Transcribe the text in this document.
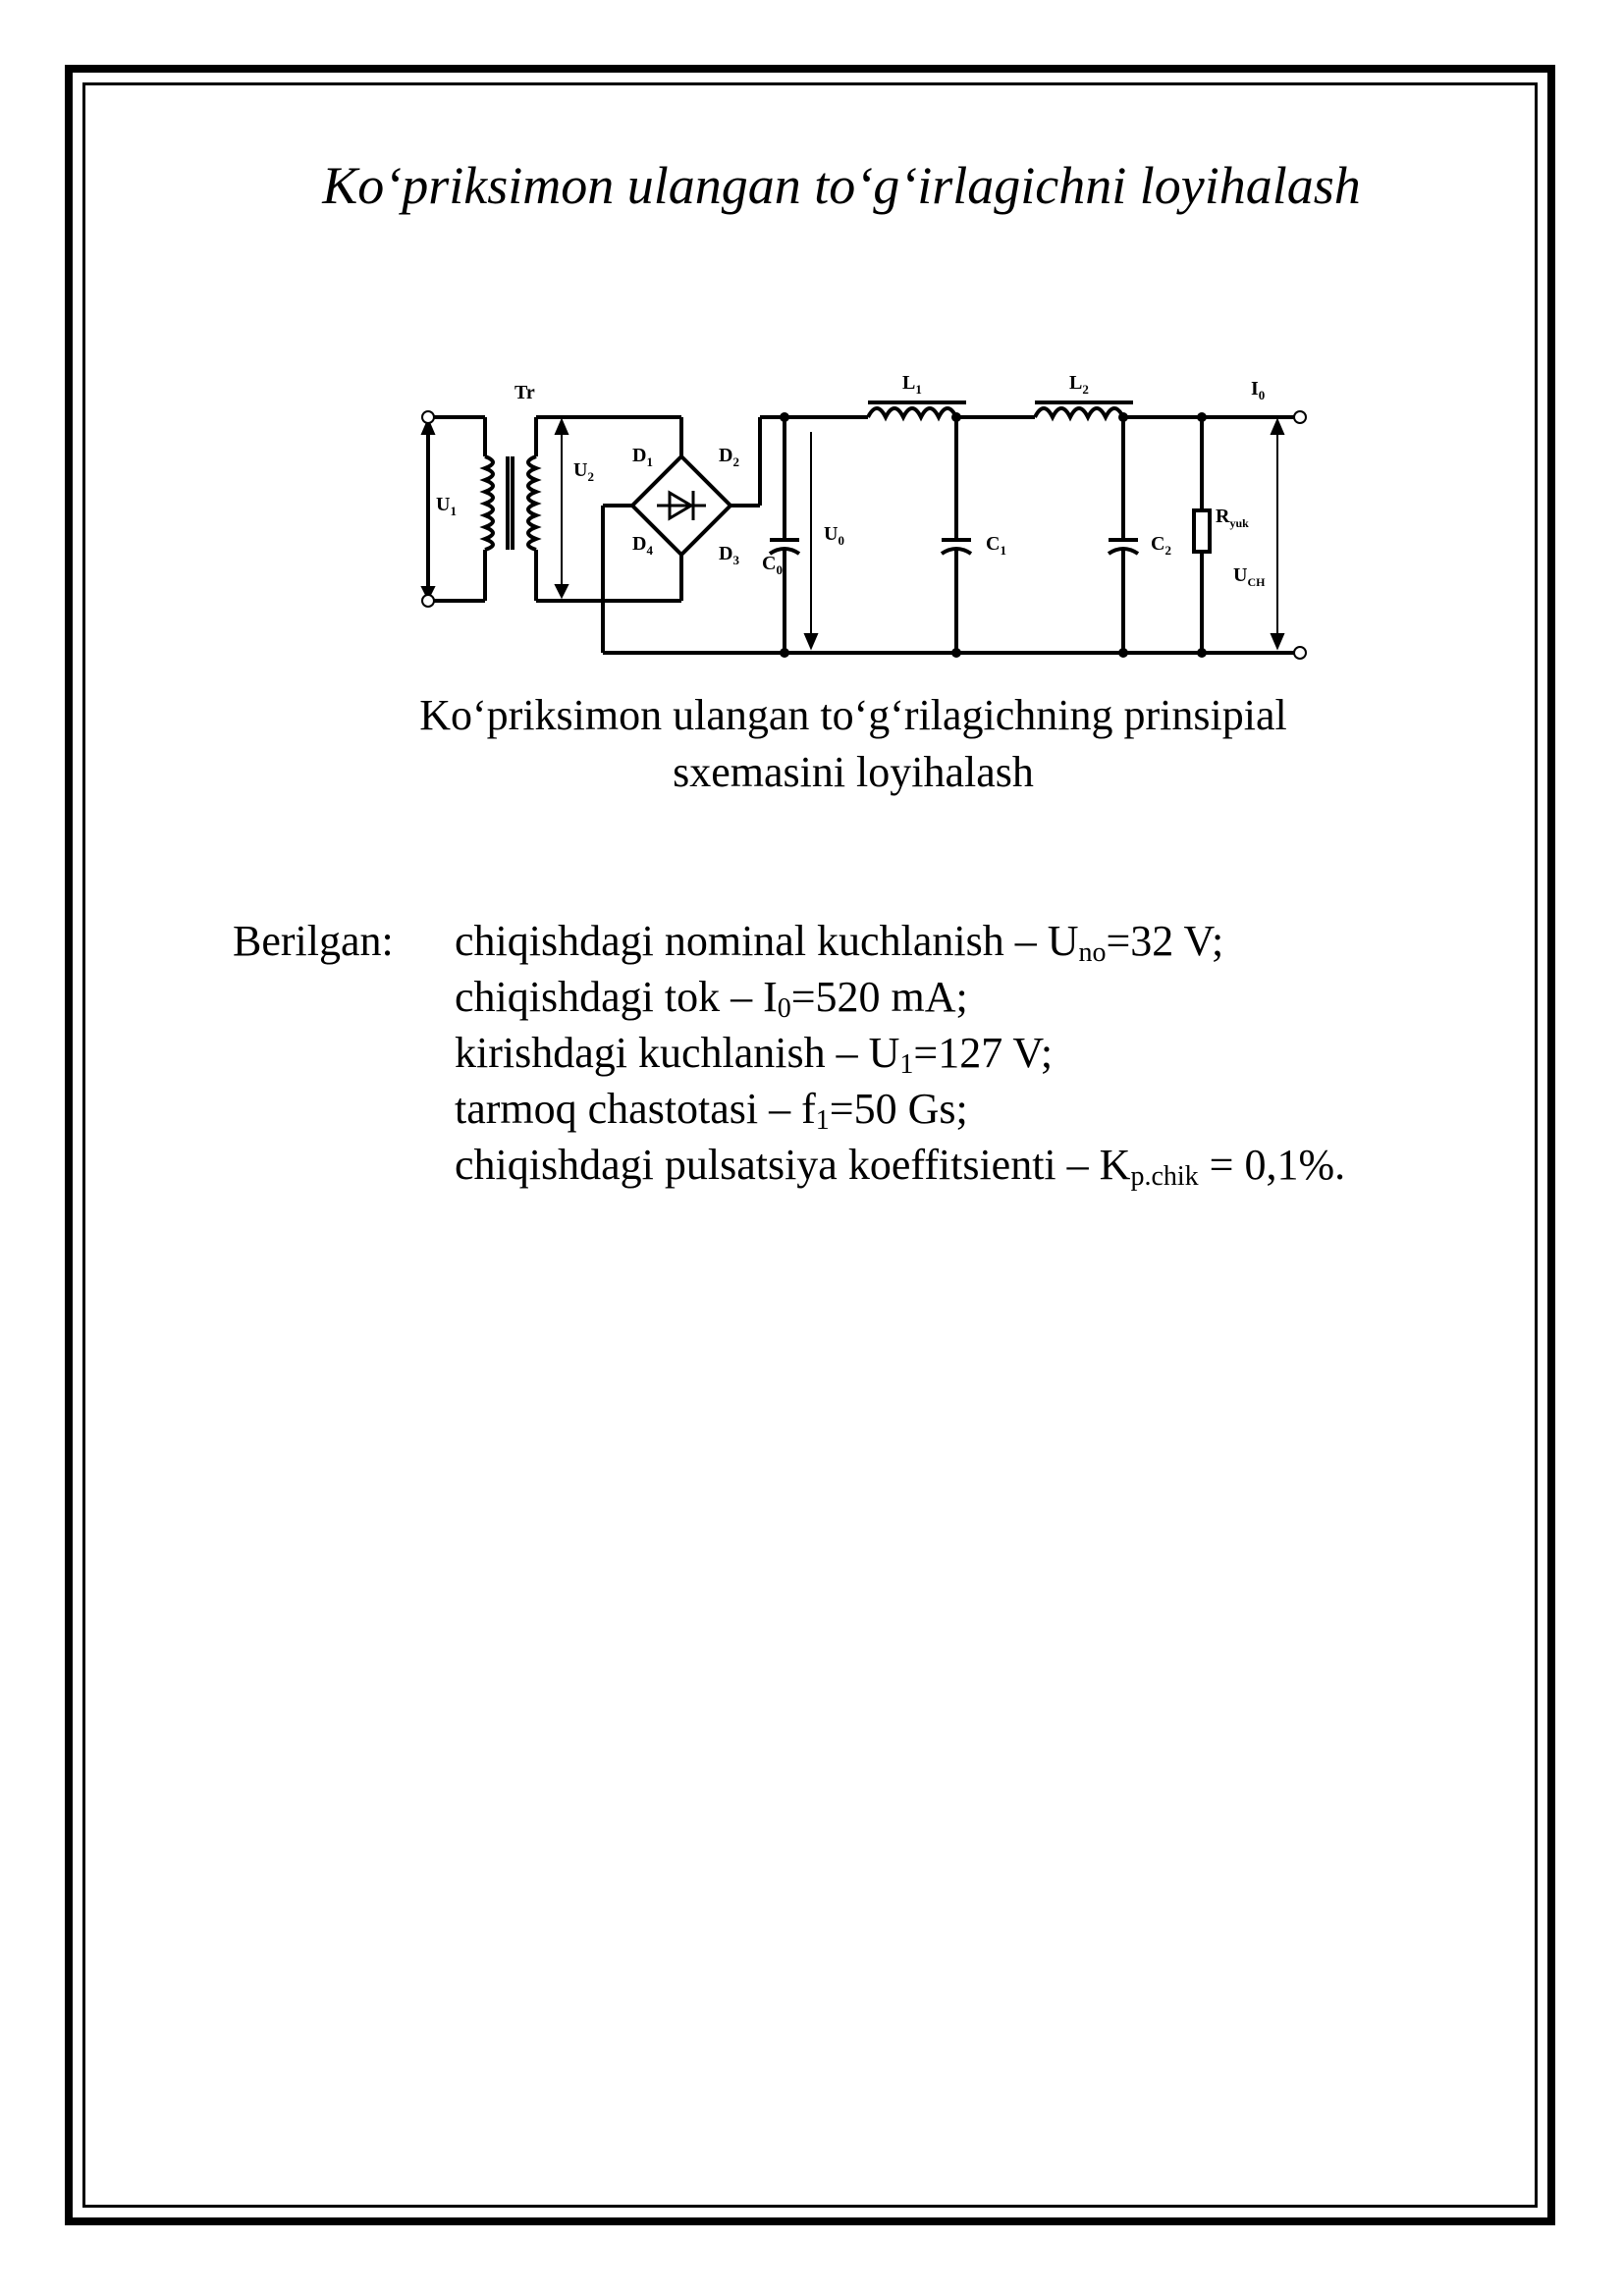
Ko‘priksimon ulangan to‘g‘irlagichni loyihalash
Tr
$U_1$
$U_2$
$D_1$	$D_2$
$D_3$
$D_4$
$C_0$
$U_0$
$L_1$
$C_1$
$L_2$
$C_2$
$I_0$
$R_{yuk}$
$U_{CH}$
Ko‘priksimon ulangan to‘g‘rilagichning prinsipial
sxemasini loyihalash
Berilgan: chiqishdagi nominal kuchlanish – $U_{no}=32$ V;
chiqishdagi tok – $I_0=520$ mA;
kirishdagi kuchlanish – $U_1=127$ V;
tarmoq chastotasi – $f_1=50$ Gs;
chiqishdagi pulsatsiya koeffitsienti – $K_{p.chik} = 0,1\%$.
